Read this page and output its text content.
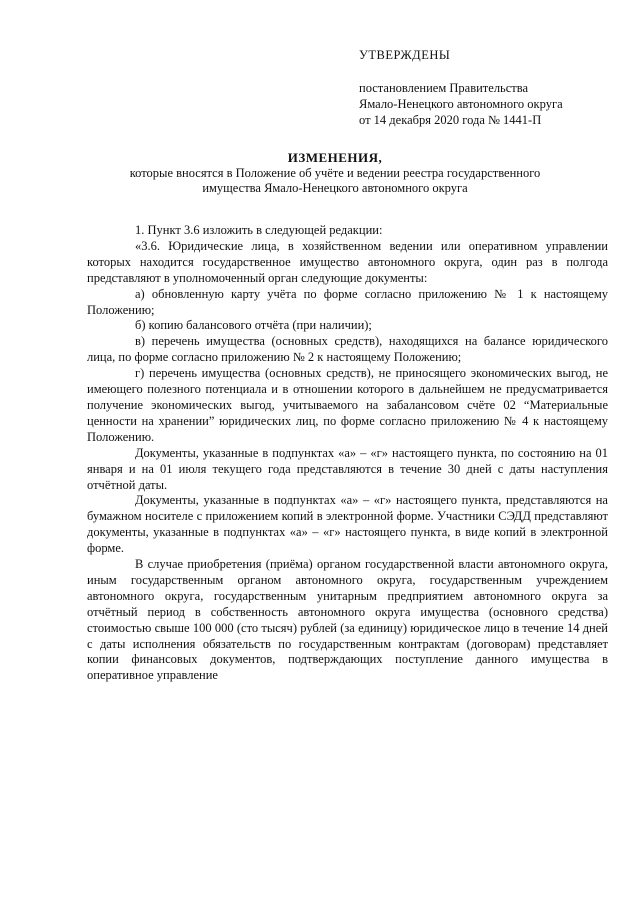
УТВЕРЖДЕНЫ

постановлением Правительства

Ямало-Ненецкого автономного округа

от 14 декабря 2020 года № 1441-П

ИЗМЕНЕНИЯ,

которые вносятся в Положение об учёте и ведении реестра государственного

имущества Ямало-Ненецкого автономного округа

1. Пункт 3.6 изложить в следующей редакции:

«3.6. Юридические лица, в хозяйственном ведении или оперативном управлении которых находится государственное имущество автономного округа, один раз в полгода представляют в уполномоченный орган следующие документы:

а) обновленную карту учёта по форме согласно приложению № 1 к настоящему Положению;

б) копию балансового отчёта (при наличии);

в) перечень имущества (основных средств), находящихся на балансе юридического лица, по форме согласно приложению № 2 к настоящему Положению;

г) перечень имущества (основных средств), не приносящего экономических выгод, не имеющего полезного потенциала и в отношении которого в дальнейшем не предусматривается получение экономических выгод, учитываемого на забалансовом счёте 02 “Материальные ценности на хранении” юридических лиц, по форме согласно приложению № 4 к настоящему Положению.

Документы, указанные в подпунктах «а» – «г» настоящего пункта, по состоянию на 01 января и на 01 июля текущего года представляются в течение 30 дней с даты наступления отчётной даты.

Документы, указанные в подпунктах «а» – «г» настоящего пункта, представляются на бумажном носителе с приложением копий в электронной форме. Участники СЭДД представляют документы, указанные в подпунктах «а» – «г» настоящего пункта, в виде копий в электронной форме.

В случае приобретения (приёма) органом государственной власти автономного округа, иным государственным органом автономного округа, государственным учреждением автономного округа, государственным унитарным предприятием автономного округа за отчётный период в собственность автономного округа имущества (основного средства) стоимостью свыше 100 000 (сто тысяч) рублей (за единицу) юридическое лицо в течение 14 дней с даты исполнения обязательств по государственным контрактам (договорам) представляет копии финансовых документов, подтверждающих поступление данного имущества в оперативное управление
